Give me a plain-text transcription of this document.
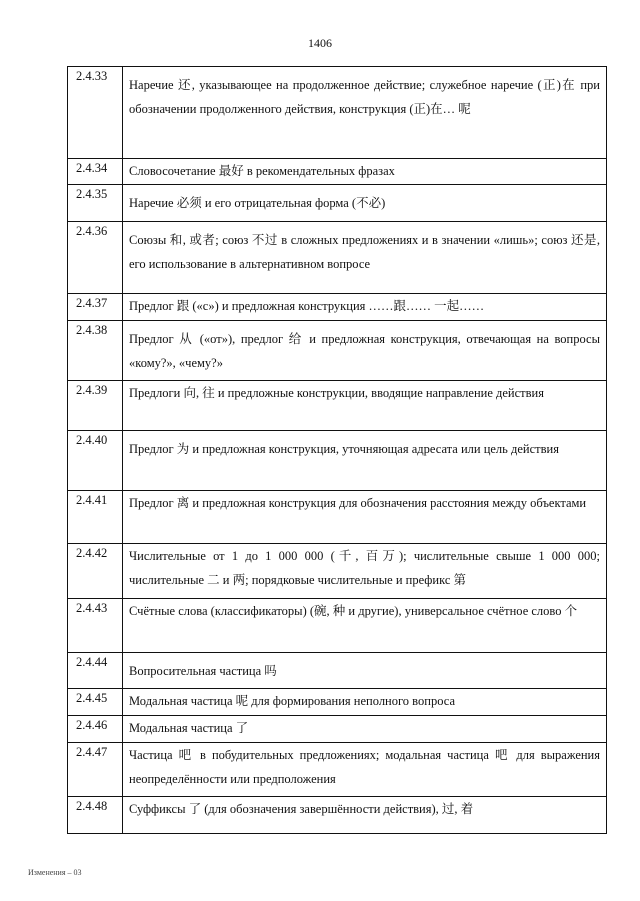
1406
2.4.33	Наречие 还, указывающее на продолженное действие; служебное наречие (正)在 при обозначении продолженного действия, конструкция (正)在… 呢
2.4.34	Словосочетание 最好 в рекомендательных фразах
2.4.35	Наречие 必须 и его отрицательная форма (不必)
2.4.36	Союзы 和, 或者; союз 不过 в сложных предложениях и в значении «лишь»; союз 还是, его использование в альтернативном вопросе
2.4.37	Предлог 跟 («с») и предложная конструкция ……跟…… 一起……
2.4.38	Предлог 从 («от»), предлог 给 и предложная конструкция, отвечающая на вопросы «кому?», «чему?»
2.4.39	Предлоги 向, 往 и предложные конструкции, вводящие направление действия
2.4.40	Предлог 为 и предложная конструкция, уточняющая адресата или цель действия
2.4.41	Предлог 离 и предложная конструкция для обозначения расстояния между объектами
2.4.42	Числительные от 1 до 1 000 000 (千, 百万); числительные свыше 1 000 000; числительные 二 и 两; порядковые числительные и префикс 第
2.4.43	Счётные слова (классификаторы) (碗, 种 и другие), универсальное счётное слово 个
2.4.44	Вопросительная частица 吗
2.4.45	Модальная частица 呢 для формирования неполного вопроса
2.4.46	Модальная частица 了
2.4.47	Частица 吧 в побудительных предложениях; модальная частица 吧 для выражения неопределённости или предположения
2.4.48	Суффиксы 了 (для обозначения завершённости действия), 过, 着
Изменения – 03
